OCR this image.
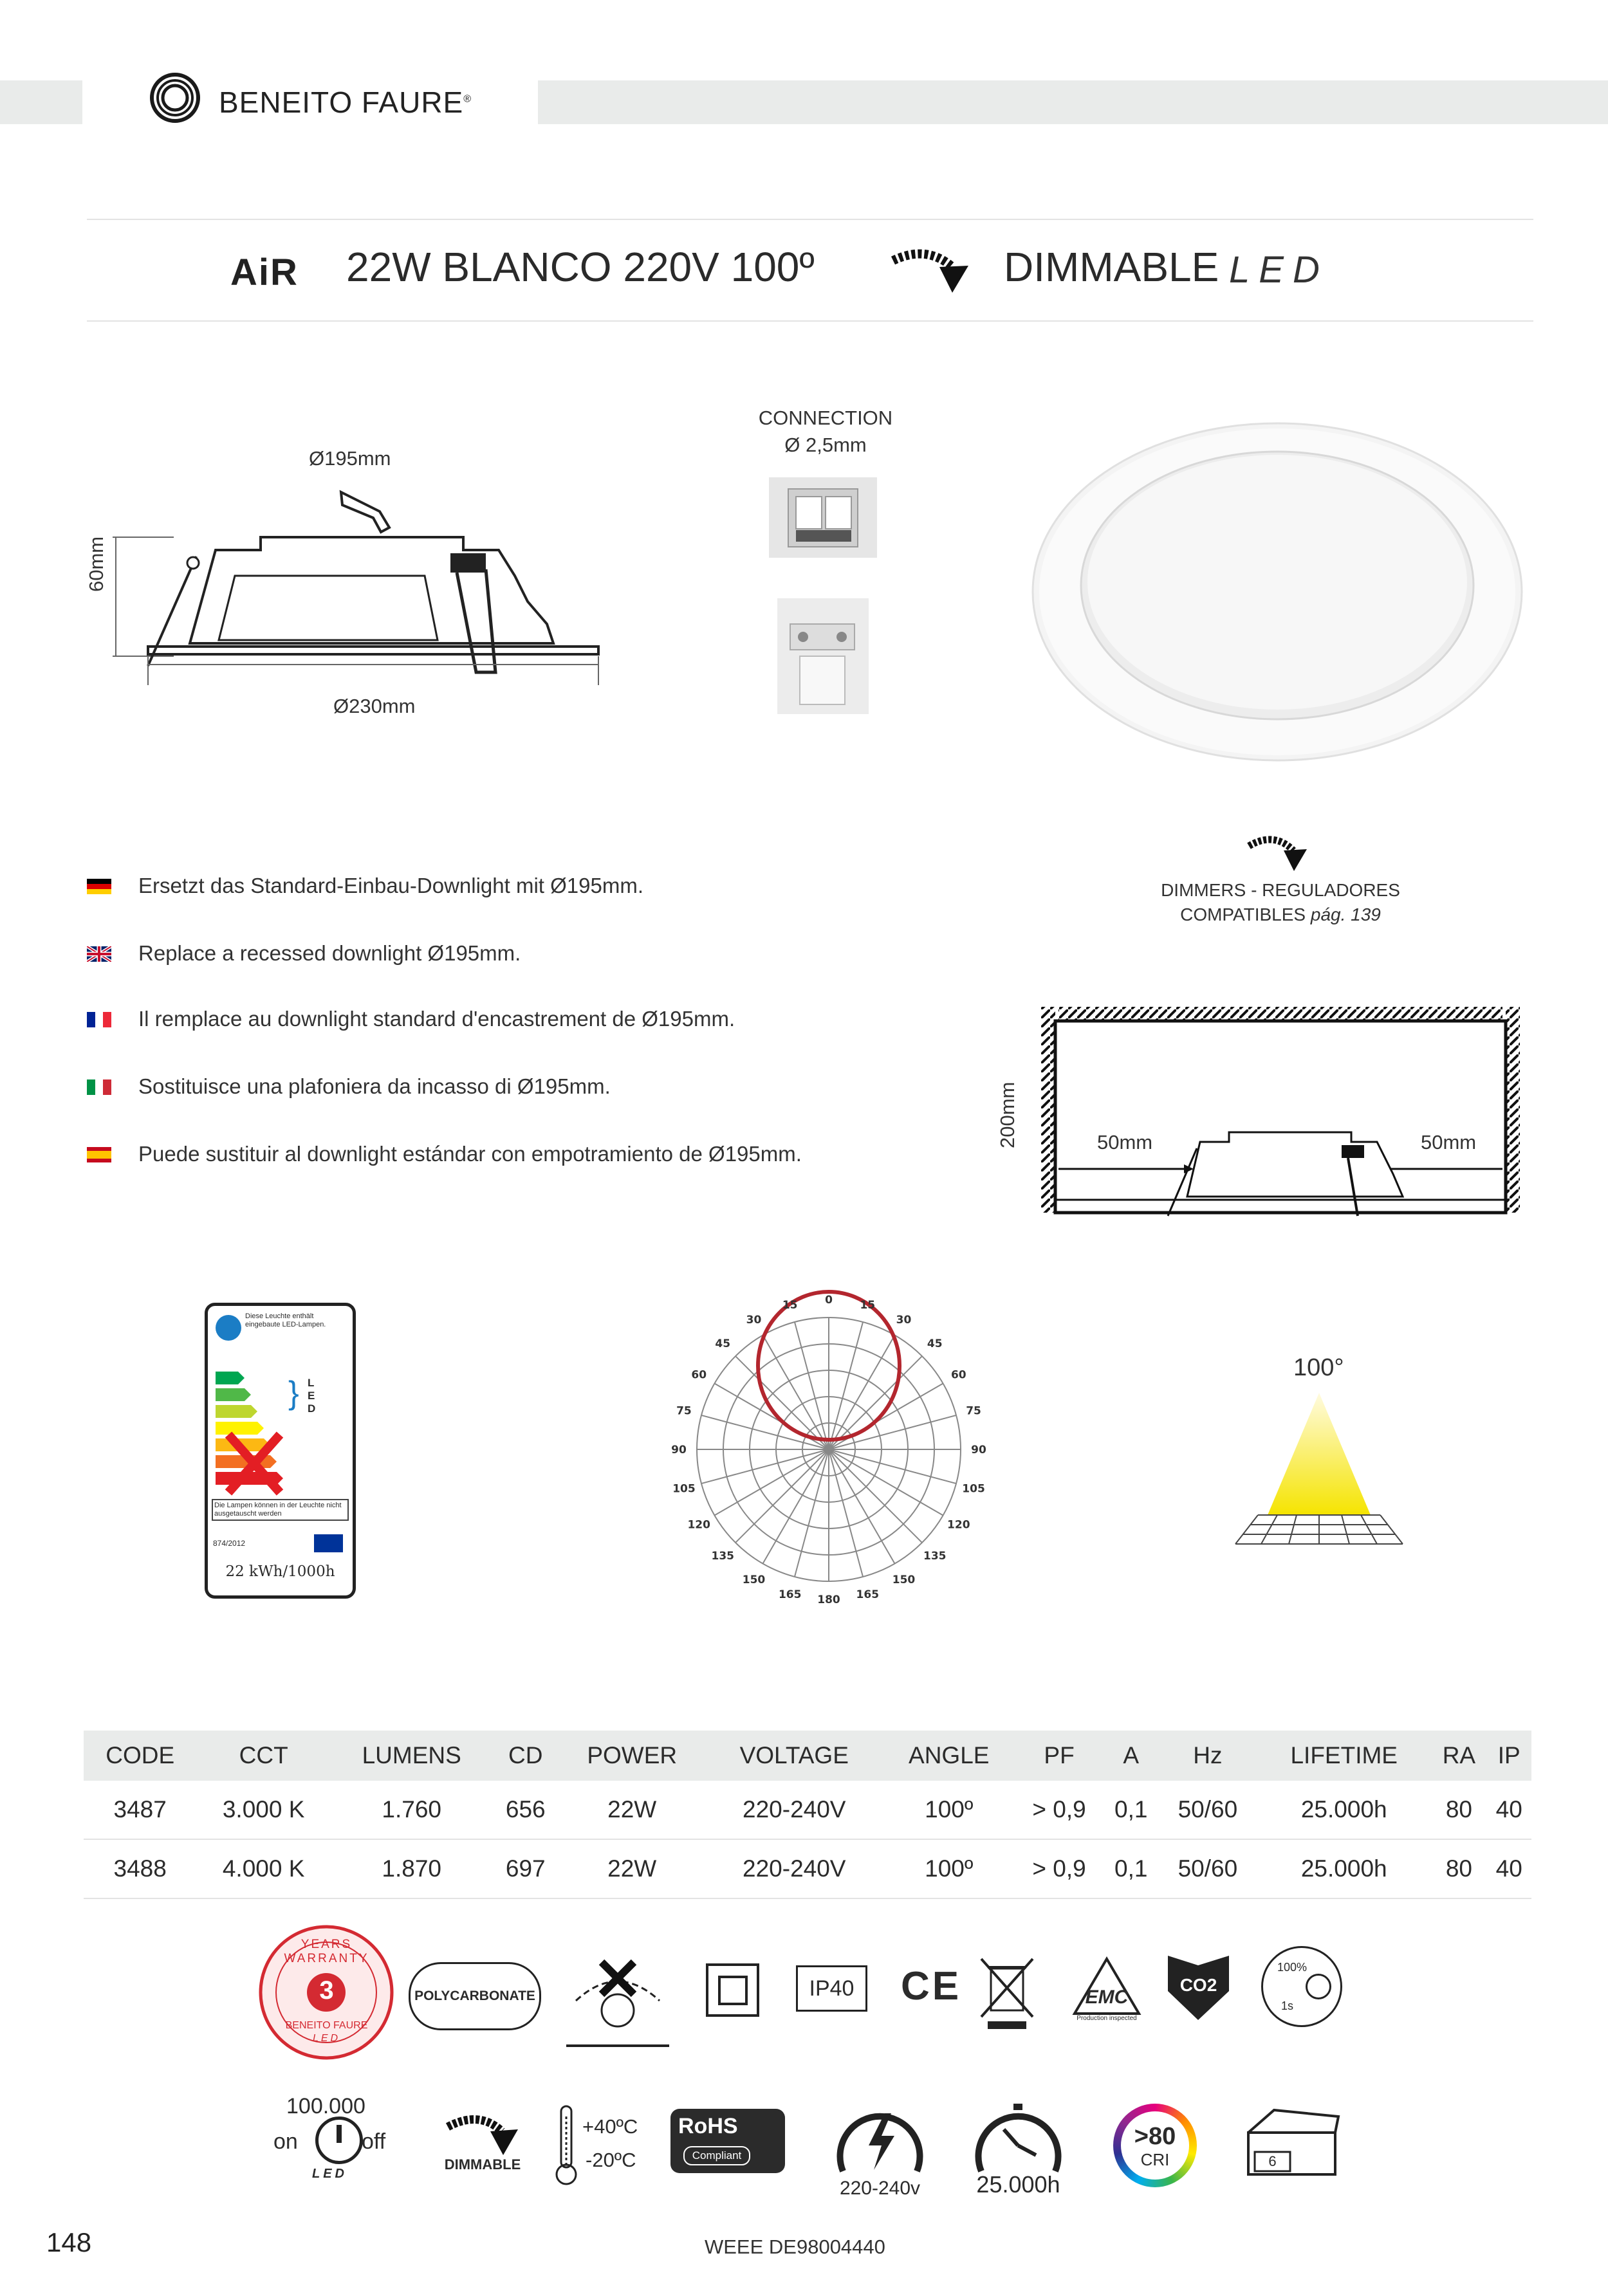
BENEITO FAURE®
AiR 22W BLANCO 220V 100º	DIMMABLE LED
Ø195mm
60mm
Ø230mm
CONNECTION
Ø 2,5mm
DIMMERS - REGULADORES
COMPATIBLES pág. 139
Ersetzt das Standard-Einbau-Downlight mit Ø195mm.
Replace a recessed downlight Ø195mm.
Il remplace au downlight standard d'encastrement de Ø195mm.
Sostituisce una plafoniera da incasso di Ø195mm.
Puede sustituir al downlight estándar con empotramiento de Ø195mm.
200mm	50mm	50mm
Diese Leuchte enthält eingebaute LED-Lampen.
} L
E
D
Die Lampen können in der Leuchte nicht ausgetauscht werden
874/2012
22 kWh/1000h
0	15
15
30
30
45
45
60
60
75
75
90
90
105
105
120
120
135
135
150
150
165
165 180
100°
CODE	CCT	LUMENS	CD	POWER	VOLTAGE	ANGLE	PF	A	Hz	LIFETIME	RA	IP
3487	3.000 K	1.760	656	22W	220-240V	100º	> 0,9	0,1	50/60	25.000h	80	40
3488	4.000 K	1.870	697	22W	220-240V	100º	> 0,9	0,1	50/60	25.000h	80	40
YEARS WARRANTY
3
BENEITO FAURE
LED
POLYCARBONATE	IP40	CE	EMC
Production inspected
CO2
100%
1s
100.000
on	off
LED
DIMMABLE
+40ºC
-20ºC
RoHS
Compliant
220-240v	25.000h
>80
CRI	6
148	WEEE DE98004440
